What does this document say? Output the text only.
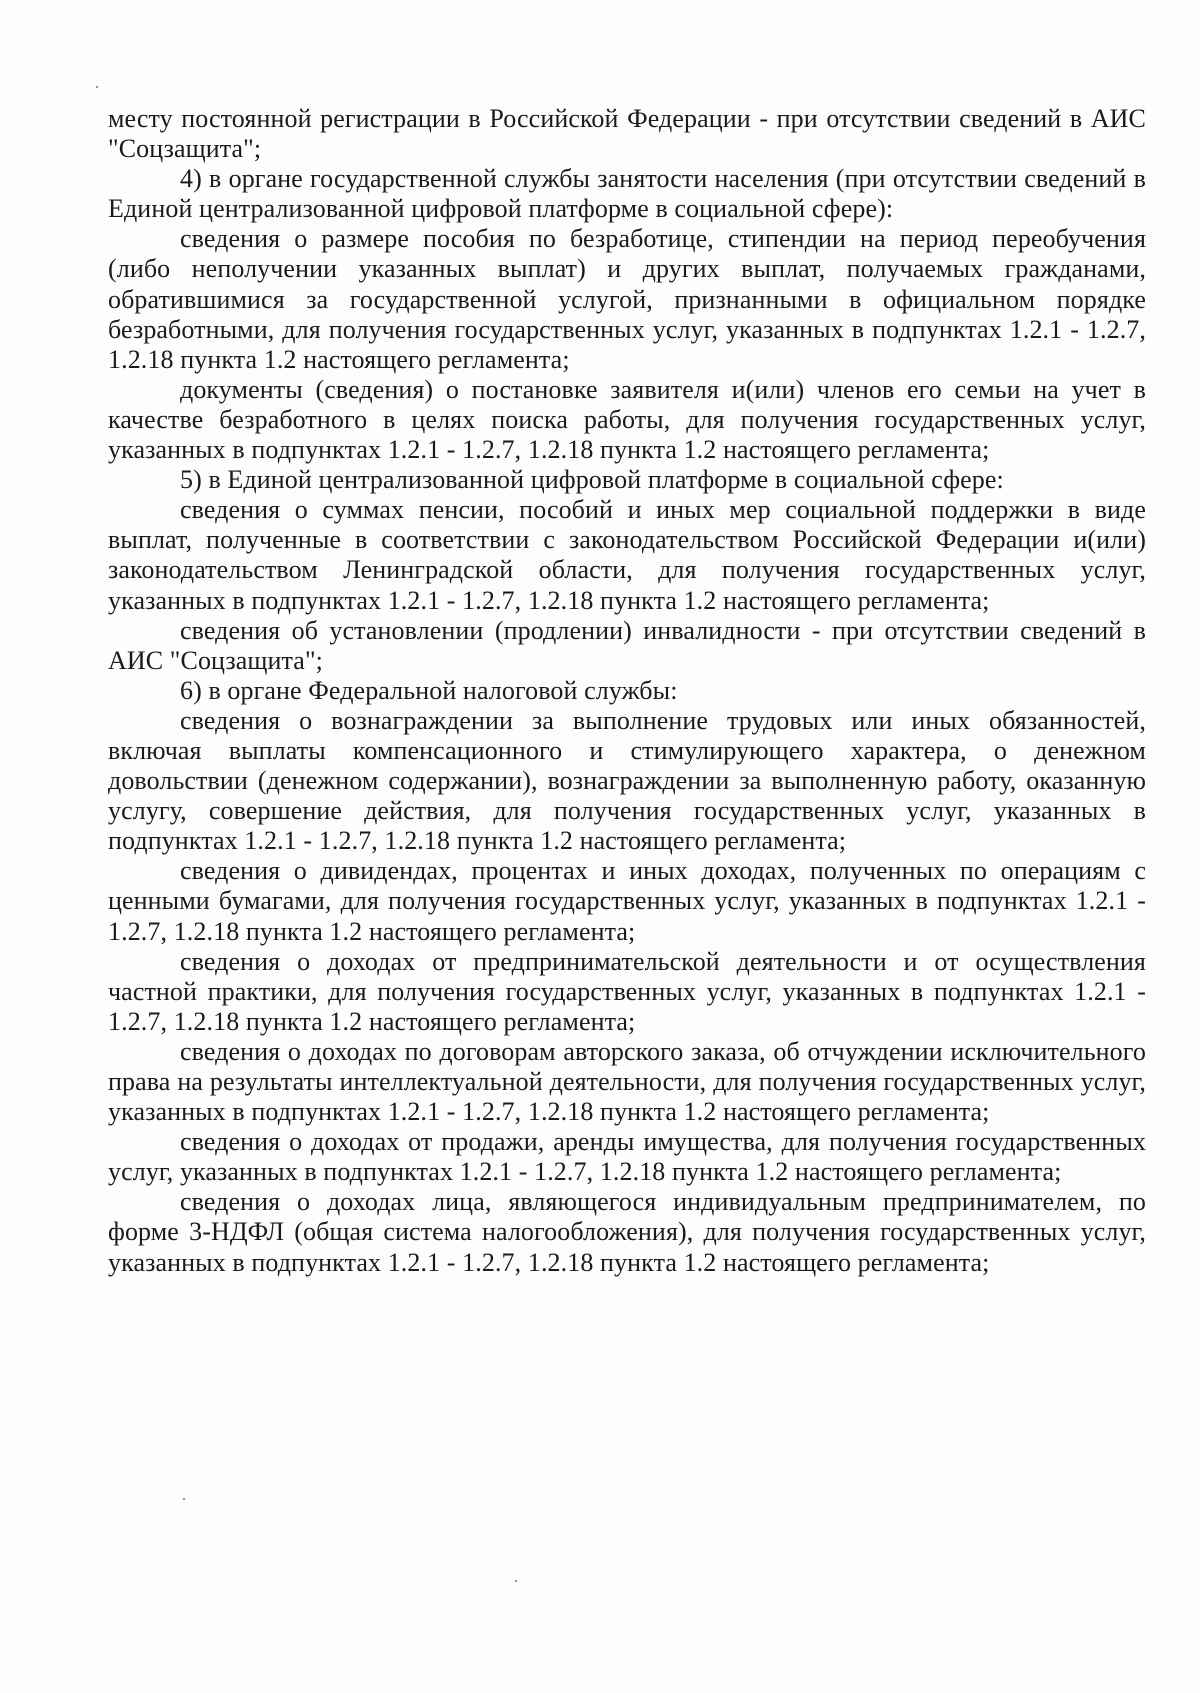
месту постоянной регистрации в Российской Федерации - при отсутствии сведений в АИС "Соцзащита";

4) в органе государственной службы занятости населения (при отсутствии сведений в Единой централизованной цифровой платформе в социальной сфере):

сведения о размере пособия по безработице, стипендии на период переобучения (либо неполучении указанных выплат) и других выплат, получаемых гражданами, обратившимися за государственной услугой, признанными в официальном порядке безработными, для получения государственных услуг, указанных в подпунктах 1.2.1 - 1.2.7, 1.2.18 пункта 1.2 настоящего регламента;

документы (сведения) о постановке заявителя и(или) членов его семьи на учет в качестве безработного в целях поиска работы, для получения государственных услуг, указанных в подпунктах 1.2.1 - 1.2.7, 1.2.18 пункта 1.2 настоящего регламента;

5) в Единой централизованной цифровой платформе в социальной сфере:

сведения о суммах пенсии, пособий и иных мер социальной поддержки в виде выплат, полученные в соответствии с законодательством Российской Федерации и(или) законодательством Ленинградской области, для получения государственных услуг, указанных в подпунктах 1.2.1 - 1.2.7, 1.2.18 пункта 1.2 настоящего регламента;

сведения об установлении (продлении) инвалидности - при отсутствии сведений в АИС "Соцзащита";

6) в органе Федеральной налоговой службы:

сведения о вознаграждении за выполнение трудовых или иных обязанностей, включая выплаты компенсационного и стимулирующего характера, о денежном довольствии (денежном содержании), вознаграждении за выполненную работу, оказанную услугу, совершение действия, для получения государственных услуг, указанных в подпунктах 1.2.1 - 1.2.7, 1.2.18 пункта 1.2 настоящего регламента;

сведения о дивидендах, процентах и иных доходах, полученных по операциям с ценными бумагами, для получения государственных услуг, указанных в подпунктах 1.2.1 - 1.2.7, 1.2.18 пункта 1.2 настоящего регламента;

сведения о доходах от предпринимательской деятельности и от осуществления частной практики, для получения государственных услуг, указанных в подпунктах 1.2.1 - 1.2.7, 1.2.18 пункта 1.2 настоящего регламента;

сведения о доходах по договорам авторского заказа, об отчуждении исключительного права на результаты интеллектуальной деятельности, для получения государственных услуг, указанных в подпунктах 1.2.1 - 1.2.7, 1.2.18 пункта 1.2 настоящего регламента;

сведения о доходах от продажи, аренды имущества, для получения государственных услуг, указанных в подпунктах 1.2.1 - 1.2.7, 1.2.18 пункта 1.2 настоящего регламента;

сведения о доходах лица, являющегося индивидуальным предпринимателем, по форме 3-НДФЛ (общая система налогообложения), для получения государственных услуг, указанных в подпунктах 1.2.1 - 1.2.7, 1.2.18 пункта 1.2 настоящего регламента;
